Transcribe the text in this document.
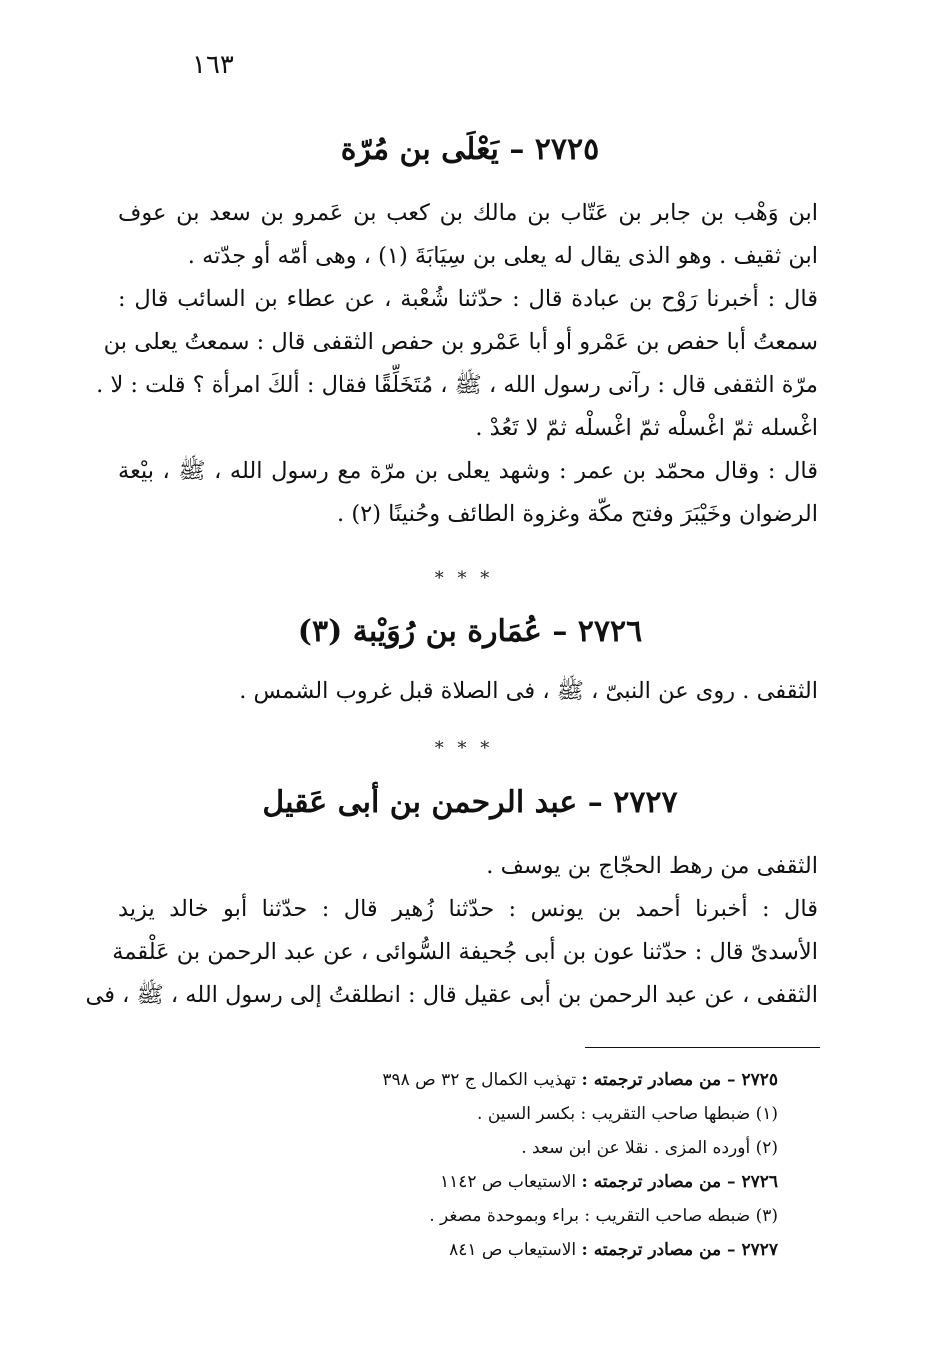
١٦٣
٢٧٢٥ – يَعْلَى بن مُرّة
ابن وَهْب بن جابر بن عَتّاب بن مالك بن كعب بن عَمرو بن سعد بن عوف
ابن ثقيف . وهو الذى يقال له يعلى بن سِيَابَةَ (١) ، وهى أمّه أو جدّته .
قال : أخبرنا رَوْح بن عبادة قال : حدّثنا شُعْبة ، عن عطاء بن السائب قال :
سمعتُ أبا حفص بن عَمْرو أو أبا عَمْرو بن حفص الثقفى قال : سمعتُ يعلى بن
مرّة الثقفى قال : رآنى رسول الله ، ﷺ ، مُتَخَلِّقًا فقال : ألكَ امرأة ؟ قلت : لا .
اغْسله ثمّ اغْسلْه ثمّ اغْسلْه ثمّ لا تَعُدْ .
قال : وقال محمّد بن عمر : وشهد يعلى بن مرّة مع رسول الله ، ﷺ ، بيْعة
الرضوان وخَيْبَرَ وفتح مكّة وغزوة الطائف وحُنينًا (٢) .
* * *
٢٧٢٦ – عُمَارة بن رُوَيْبة (٣)
الثقفى . روى عن النبىّ ، ﷺ ، فى الصلاة قبل غروب الشمس .
* * *
٢٧٢٧ – عبد الرحمن بن أبى عَقيل
الثقفى من رهط الحجّاج بن يوسف .
قال : أخبرنا أحمد بن يونس : حدّثنا زُهير قال : حدّثنا أبو خالد يزيد
الأسدىّ قال : حدّثنا عون بن أبى جُحيفة السُّوائى ، عن عبد الرحمن بن عَلْقمة
الثقفى ، عن عبد الرحمن بن أبى عقيل قال : انطلقتُ إلى رسول الله ، ﷺ ، فى
٢٧٢٥ – من مصادر ترجمته : تهذيب الكمال ج ٣٢ ص ٣٩٨
(١) ضبطها صاحب التقريب : بكسر السين .
(٢) أورده المزى . نقلا عن ابن سعد .
٢٧٢٦ – من مصادر ترجمته : الاستيعاب ص ١١٤٢
(٣) ضبطه صاحب التقريب : براء وبموحدة مصغر .
٢٧٢٧ – من مصادر ترجمته : الاستيعاب ص ٨٤١
